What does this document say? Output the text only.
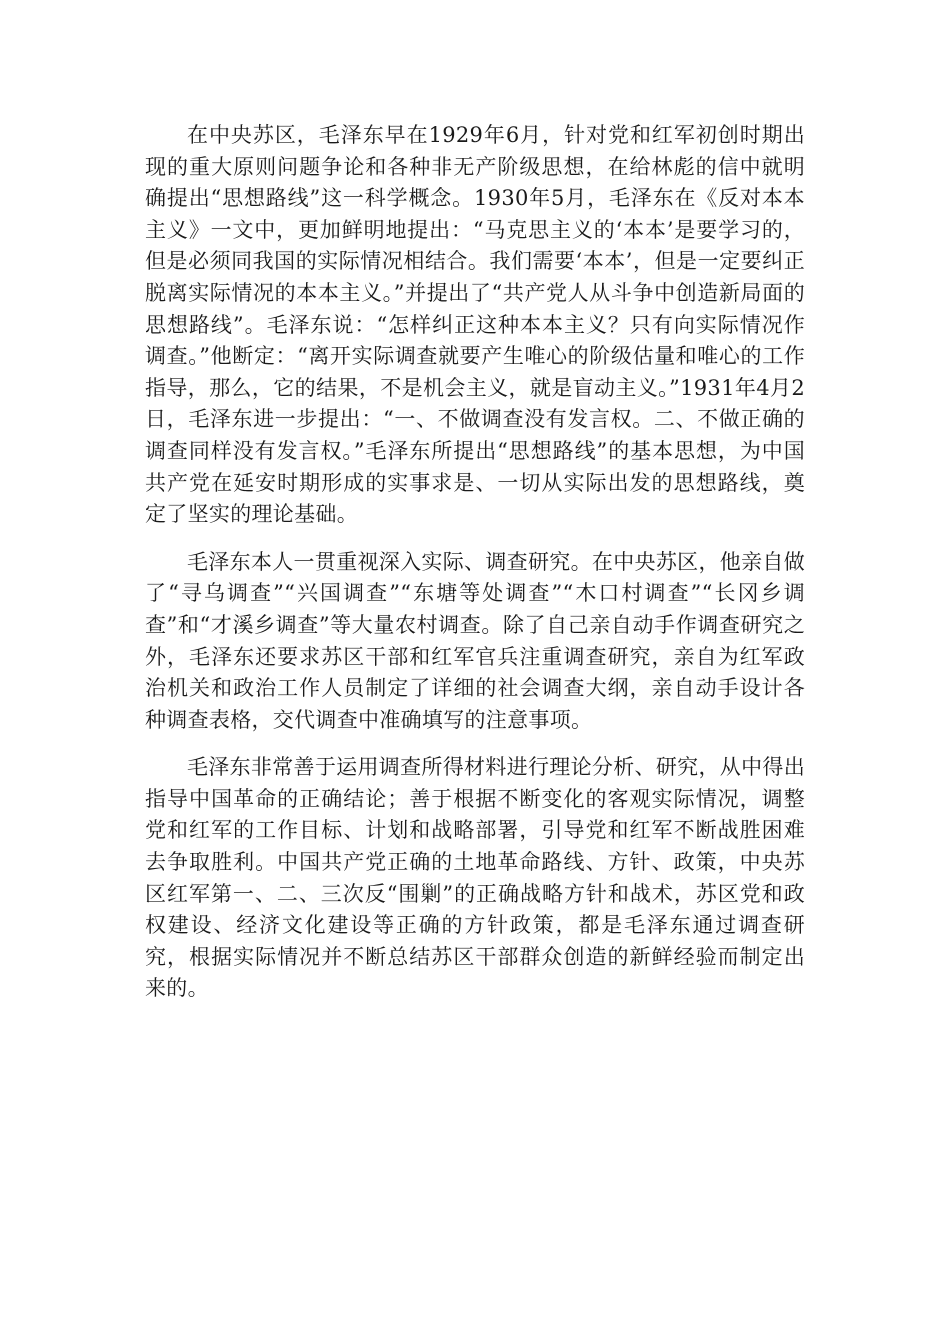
在中央苏区，毛泽东早在1929年6月，针对党和红军初创时期出现的重大原则问题争论和各种非无产阶级思想，在给林彪的信中就明确提出“思想路线”这一科学概念。1930年5月，毛泽东在《反对本本主义》一文中，更加鲜明地提出：“马克思主义的‘本本’是要学习的，但是必须同我国的实际情况相结合。我们需要‘本本’，但是一定要纠正脱离实际情况的本本主义。”并提出了“共产党人从斗争中创造新局面的思想路线”。毛泽东说：“怎样纠正这种本本主义？只有向实际情况作调查。”他断定：“离开实际调查就要产生唯心的阶级估量和唯心的工作指导，那么，它的结果，不是机会主义，就是盲动主义。”1931年4月2日，毛泽东进一步提出：“一、不做调查没有发言权。二、不做正确的调查同样没有发言权。”毛泽东所提出“思想路线”的基本思想，为中国共产党在延安时期形成的实事求是、一切从实际出发的思想路线，奠定了坚实的理论基础。

毛泽东本人一贯重视深入实际、调查研究。在中央苏区，他亲自做了“寻乌调查”“兴国调查”“东塘等处调查”“木口村调查”“长冈乡调查”和“才溪乡调查”等大量农村调查。除了自己亲自动手作调查研究之外，毛泽东还要求苏区干部和红军官兵注重调查研究，亲自为红军政治机关和政治工作人员制定了详细的社会调查大纲，亲自动手设计各种调查表格，交代调查中准确填写的注意事项。

毛泽东非常善于运用调查所得材料进行理论分析、研究，从中得出指导中国革命的正确结论；善于根据不断变化的客观实际情况，调整党和红军的工作目标、计划和战略部署，引导党和红军不断战胜困难去争取胜利。中国共产党正确的土地革命路线、方针、政策，中央苏区红军第一、二、三次反“围剿”的正确战略方针和战术，苏区党和政权建设、经济文化建设等正确的方针政策，都是毛泽东通过调查研究，根据实际情况并不断总结苏区干部群众创造的新鲜经验而制定出来的。
